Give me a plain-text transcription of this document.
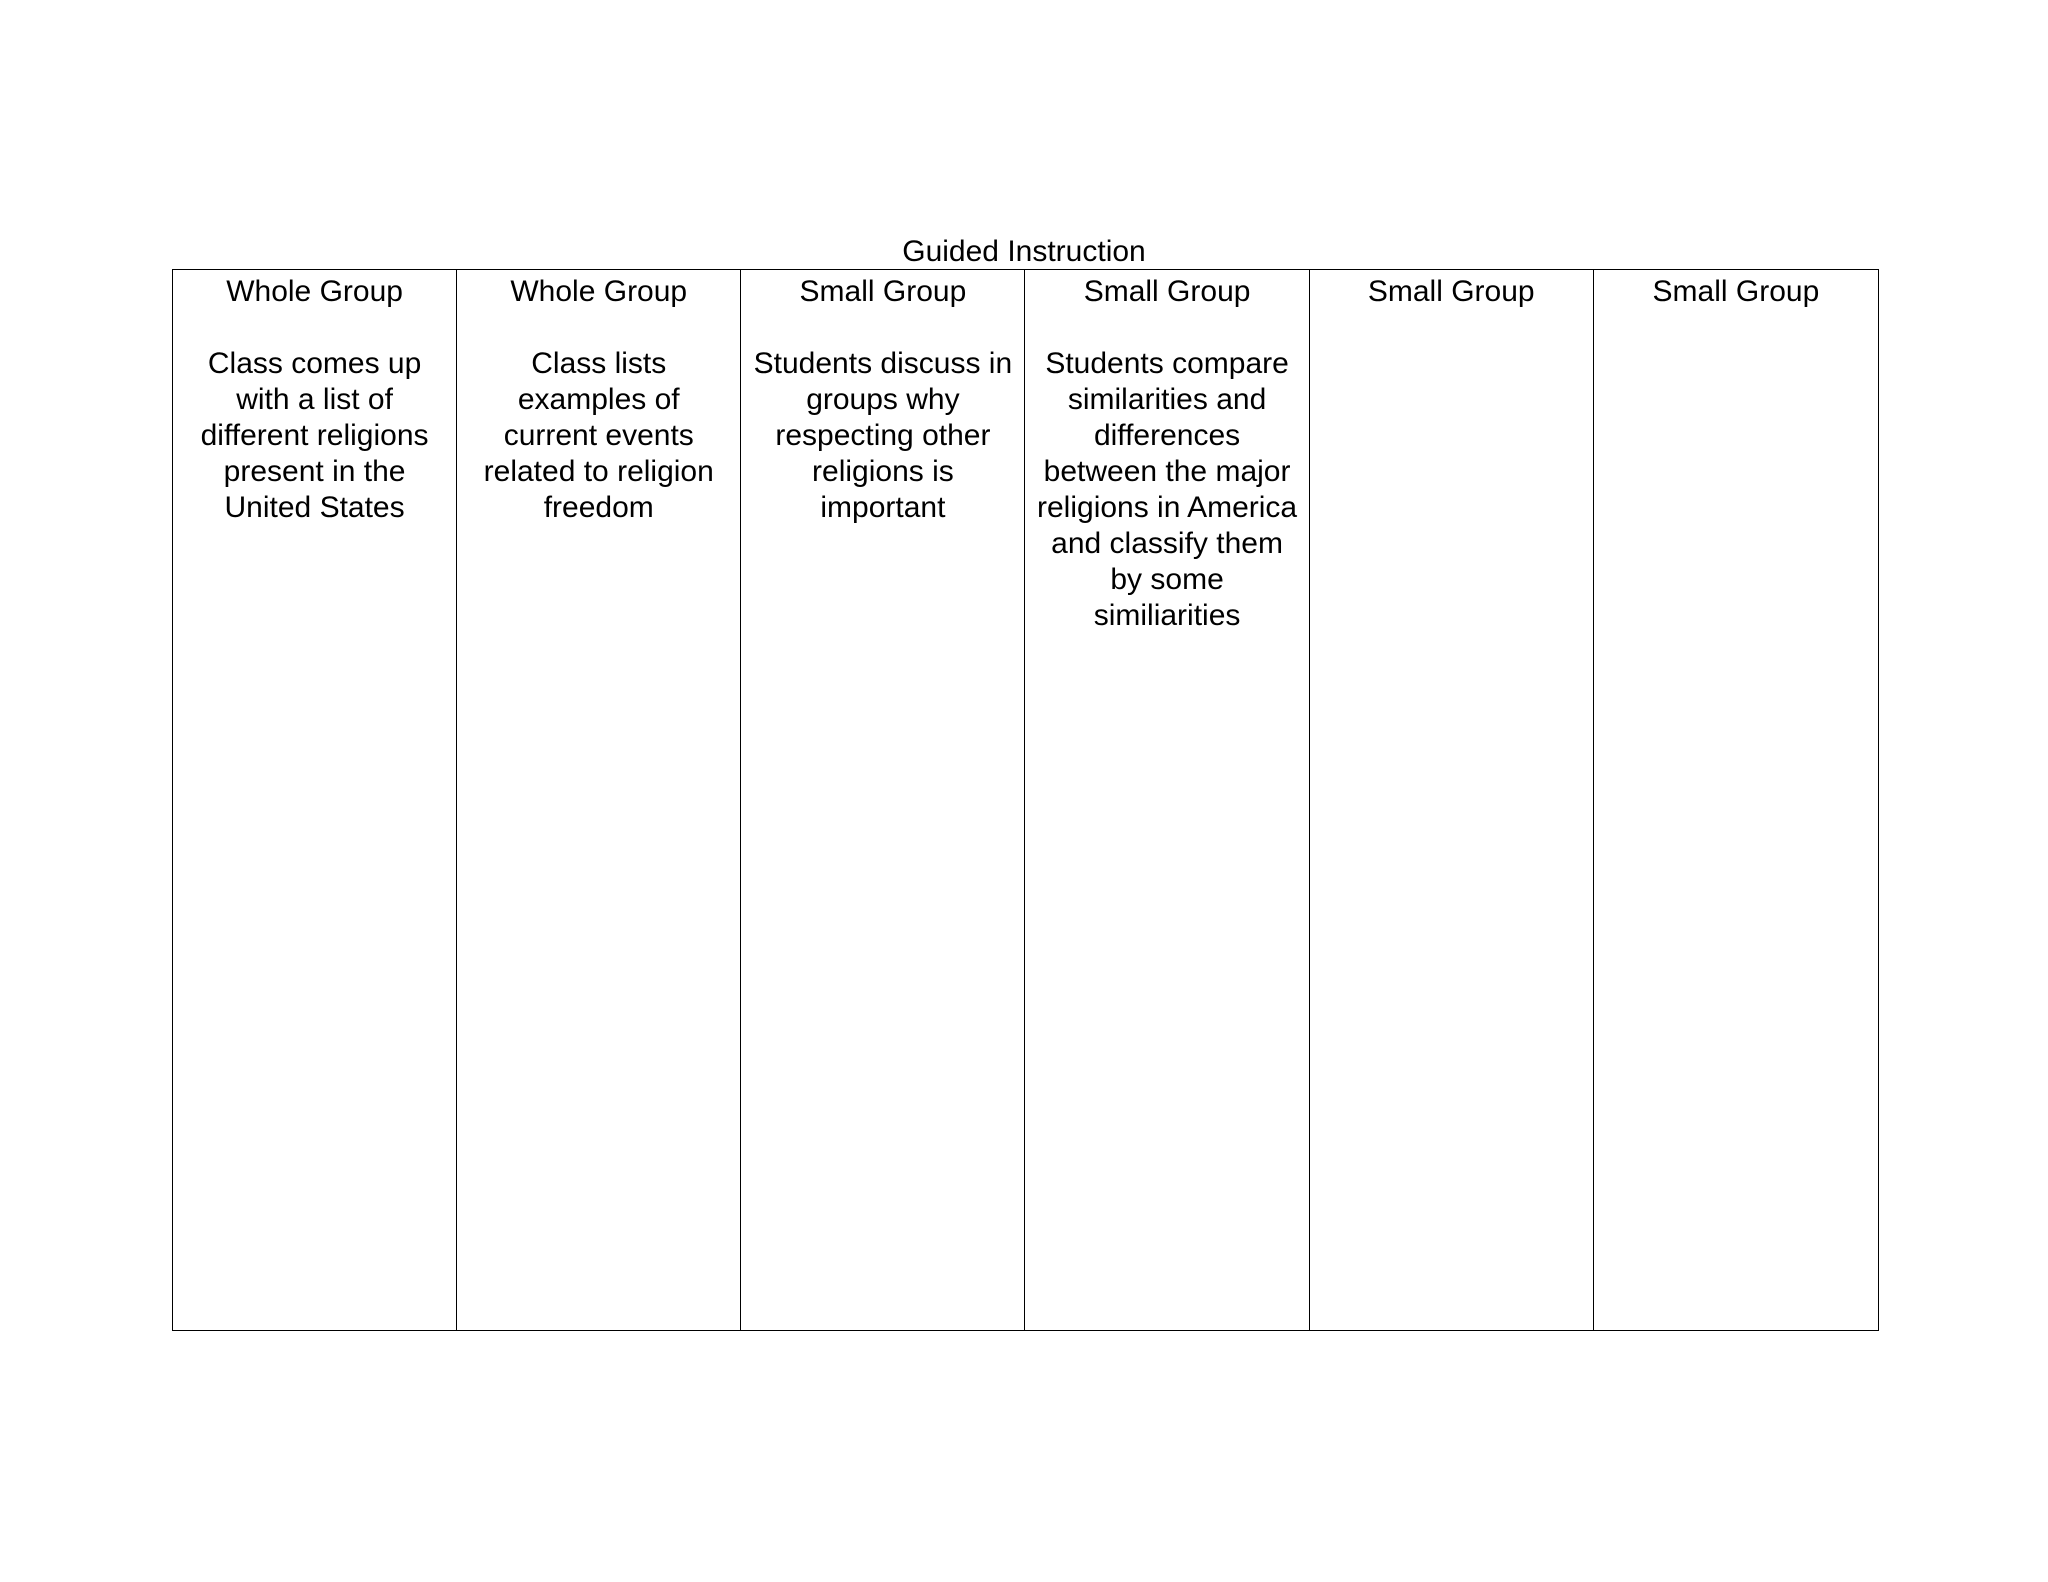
Guided Instruction
Whole Group
Class comes up with a list of different religions present in the United States
Whole Group
Class lists examples of current events related to religion freedom
Small Group
Students discuss in groups why respecting other religions is important
Small Group
Students compare similarities and differences between the major religions in America and classify them by some similiarities
Small Group	Small Group
